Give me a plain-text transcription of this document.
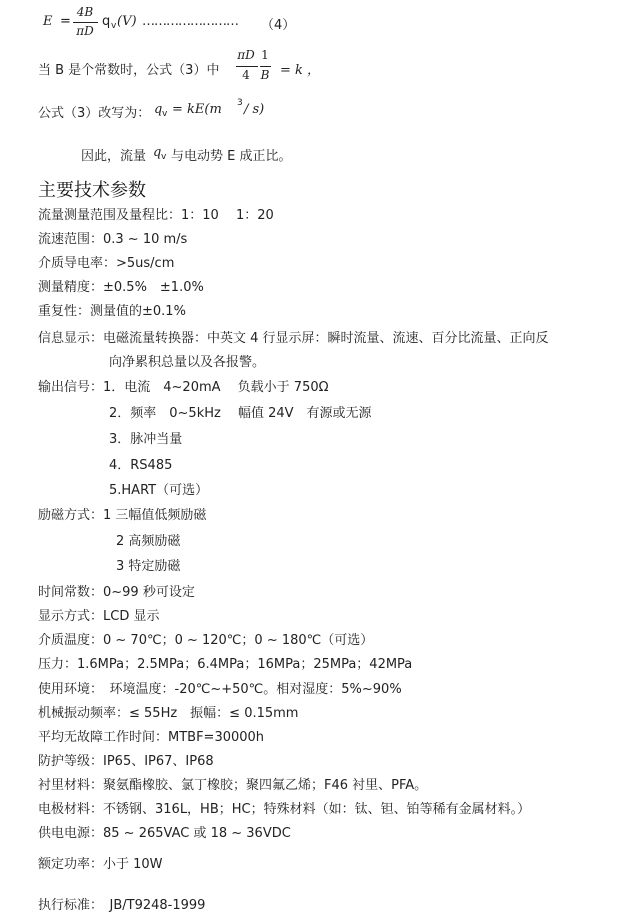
E =
4B
πD
q v (V) …………………… （4）
当 B 是个常数时，公式（3）中
πD
4
1
B = k ，
公式（3）改写为： q v = kE(m 3 / s)
因此，流量 q v 与电动势 E 成正比。
主要技术参数
流量测量范围及量程比：1：10　 1：20
流速范围：0.3 ~ 10 m/s
介质导电率：>5us/cm
测量精度：±0.5%　±1.0%
重复性：测量值的±0.1%
信息显示：电磁流量转换器：中英文 4 行显示屏：瞬时流量、流速、百分比流量、正向反
向净累积总量以及各报警。
输出信号：1．电流　4~20mA　 负载小于 750Ω
2．频率　0~5kHz　 幅值 24V　有源或无源
3．脉冲当量
4．RS485
5.HART（可选）
励磁方式：1 三幅值低频励磁
2 高频励磁
3 特定励磁
时间常数：0~99 秒可设定
显示方式：LCD 显示
介质温度：0 ~ 70℃；0 ~ 120℃；0 ~ 180℃（可选）
压力：1.6MPa；2.5MPa；6.4MPa；16MPa；25MPa；42MPa
使用环境：　环境温度：-20℃~+50℃。相对湿度：5%~90%
机械振动频率：≤ 55Hz　振幅：≤ 0.15mm
平均无故障工作时间：MTBF=30000h
防护等级：IP65、IP67、IP68
衬里材料：聚氨酯橡胶、氯丁橡胶；聚四氟乙烯；F46 衬里、PFA。
电极材料：不锈钢、316L，HB；HC；特殊材料（如：钛、钽、铂等稀有金属材料。）
供电电源：85 ~ 265VAC 或 18 ~ 36VDC
额定功率：小于 10W
执行标准：　JB/T9248-1999
